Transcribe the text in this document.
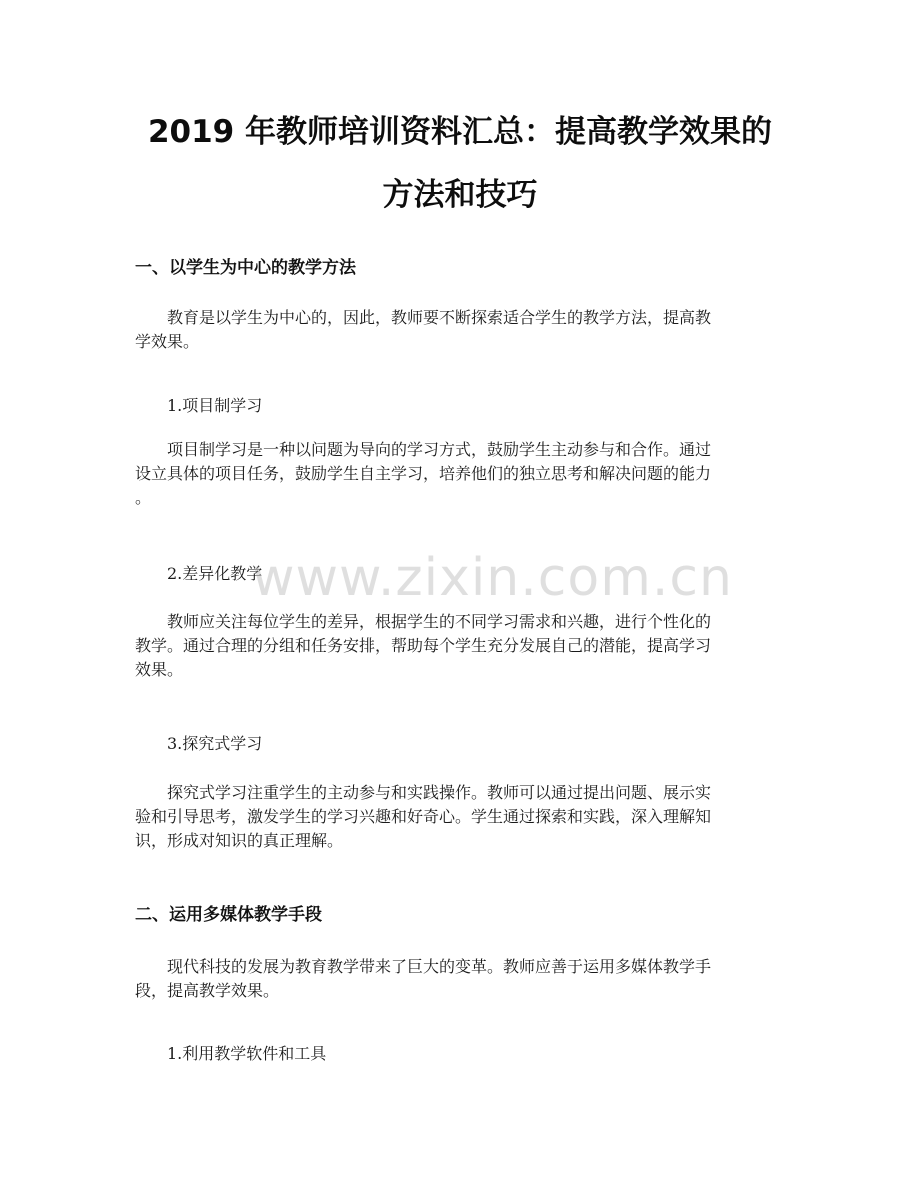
2019 年教师培训资料汇总：提高教学效果的
方法和技巧
一、以学生为中心的教学方法
　　教育是以学生为中心的，因此，教师要不断探索适合学生的教学方法，提高教
学效果。
1.项目制学习
　　项目制学习是一种以问题为导向的学习方式，鼓励学生主动参与和合作。通过
设立具体的项目任务，鼓励学生自主学习，培养他们的独立思考和解决问题的能力
。
2.差异化教学
　　教师应关注每位学生的差异，根据学生的不同学习需求和兴趣，进行个性化的
教学。通过合理的分组和任务安排，帮助每个学生充分发展自己的潜能，提高学习
效果。
3.探究式学习
　　探究式学习注重学生的主动参与和实践操作。教师可以通过提出问题、展示实
验和引导思考，激发学生的学习兴趣和好奇心。学生通过探索和实践，深入理解知
识，形成对知识的真正理解。
二、运用多媒体教学手段
　　现代科技的发展为教育教学带来了巨大的变革。教师应善于运用多媒体教学手
段，提高教学效果。
1.利用教学软件和工具
www.zixin.com.cn
